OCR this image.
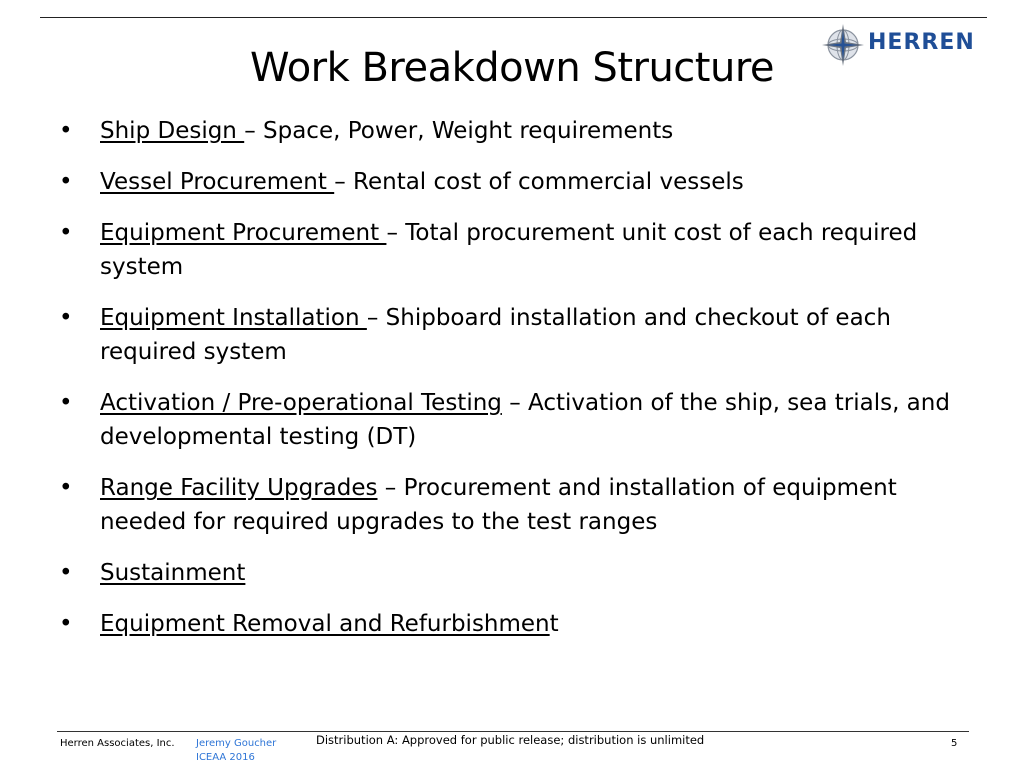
HERREN
Work Breakdown Structure
• Ship Design – Space, Power, Weight requirements
• Vessel Procurement – Rental cost of commercial vessels
• Equipment Procurement – Total procurement unit cost of each required system
• Equipment Installation – Shipboard installation and checkout of each required system
• Activation / Pre-operational Testing – Activation of the ship, sea trials, and developmental testing (DT)
• Range Facility Upgrades – Procurement and installation of equipment needed for required upgrades to the test ranges
• Sustainment
• Equipment Removal and Refurbishment
Herren Associates, Inc. Jeremy Goucher
ICEAA 2016
Distribution A: Approved for public release; distribution is unlimited	5
